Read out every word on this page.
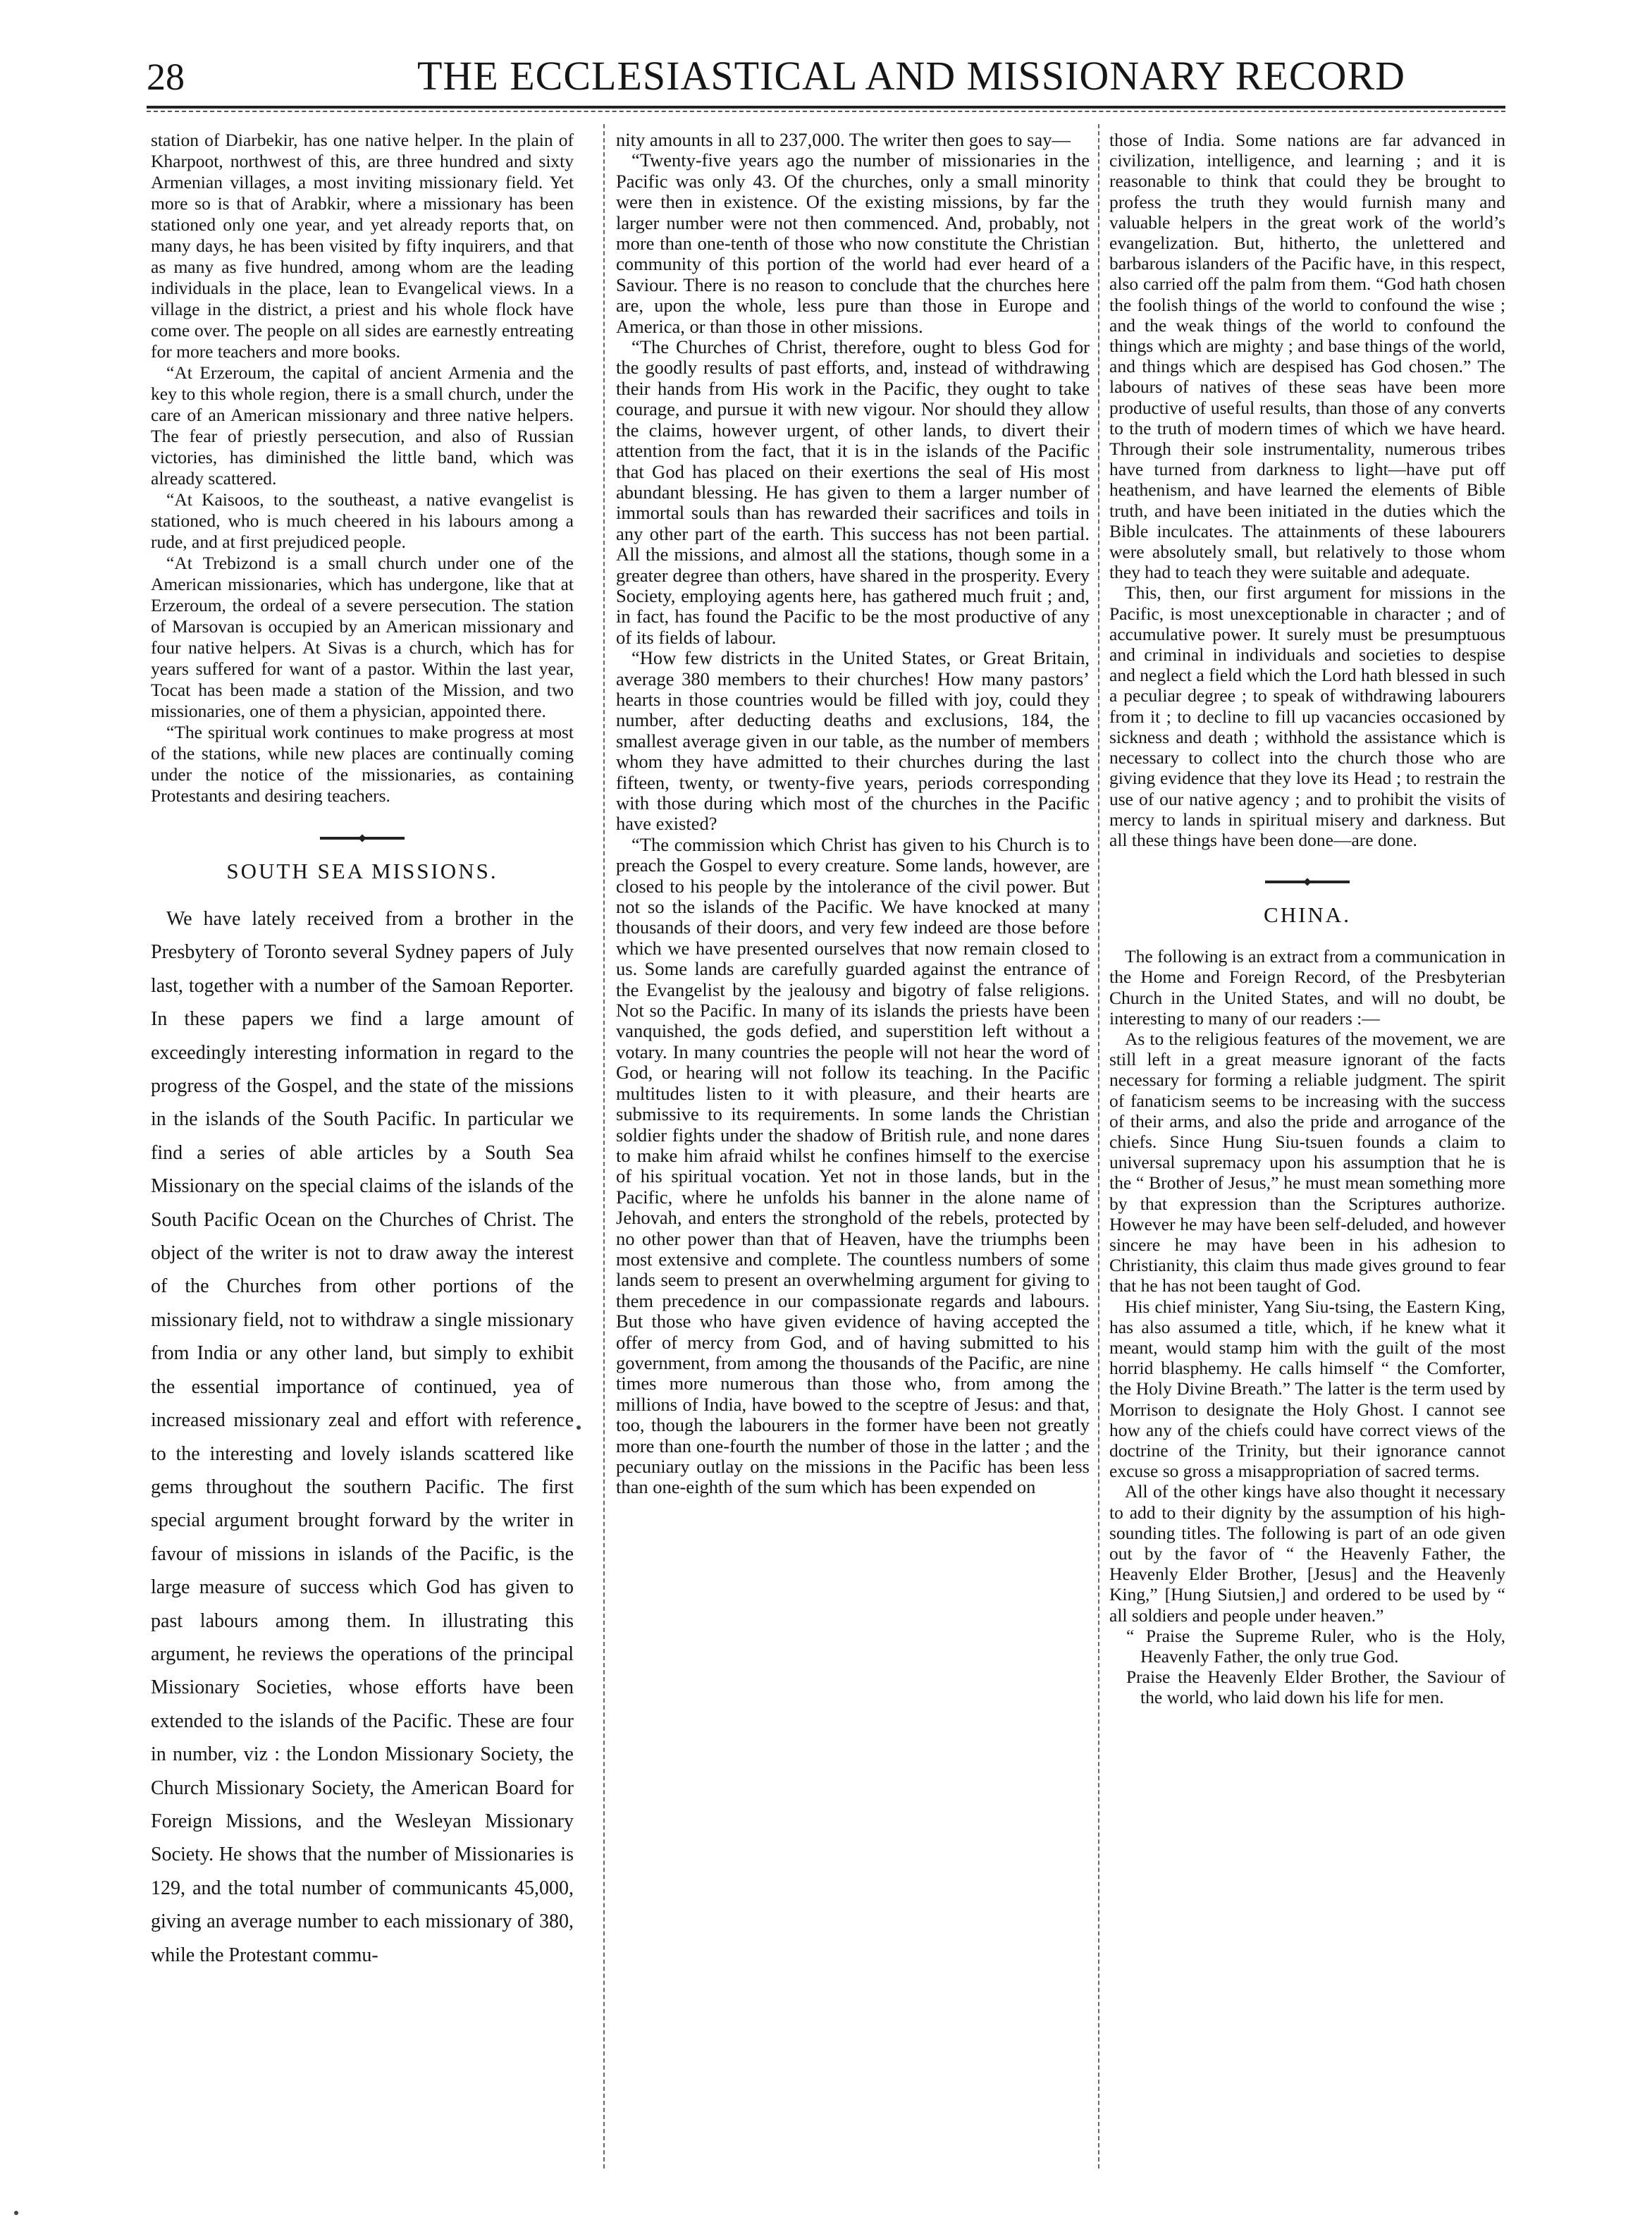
28	THE ECCLESIASTICAL AND MISSIONARY RECORD

station of Diarbekir, has one native helper. In the plain of Kharpoot, northwest of this, are three hundred and sixty Armenian villages, a most inviting missionary field. Yet more so is that of Arabkir, where a missionary has been stationed only one year, and yet already reports that, on many days, he has been visited by fifty inquirers, and that as many as five hundred, among whom are the leading individuals in the place, lean to Evangelical views. In a village in the district, a priest and his whole flock have come over. The people on all sides are earnestly entreating for more teachers and more books.

“At Erzeroum, the capital of ancient Armenia and the key to this whole region, there is a small church, under the care of an American missionary and three native helpers. The fear of priestly persecution, and also of Russian victories, has diminished the little band, which was already scattered.

“At Kaisoos, to the southeast, a native evangelist is stationed, who is much cheered in his labours among a rude, and at first prejudiced people.

“At Trebizond is a small church under one of the American missionaries, which has undergone, like that at Erzeroum, the ordeal of a severe persecution. The station of Marsovan is occupied by an American missionary and four native helpers. At Sivas is a church, which has for years suffered for want of a pastor. Within the last year, Tocat has been made a station of the Mission, and two missionaries, one of them a physician, appointed there.

“The spiritual work continues to make progress at most of the stations, while new places are continually coming under the notice of the missionaries, as containing Protestants and desiring teachers.

SOUTH SEA MISSIONS.

We have lately received from a brother in the Presbytery of Toronto several Sydney papers of July last, together with a number of the Samoan Reporter. In these papers we find a large amount of exceedingly interesting information in regard to the progress of the Gospel, and the state of the missions in the islands of the South Pacific. In particular we find a series of able articles by a South Sea Missionary on the special claims of the islands of the South Pacific Ocean on the Churches of Christ. The object of the writer is not to draw away the interest of the Churches from other portions of the missionary field, not to withdraw a single missionary from India or any other land, but simply to exhibit the essential importance of continued, yea of increased missionary zeal and effort with reference to the interesting and lovely islands scattered like gems throughout the southern Pacific. The first special argument brought forward by the writer in favour of missions in islands of the Pacific, is the large measure of success which God has given to past labours among them. In illustrating this argument, he reviews the operations of the principal Missionary Societies, whose efforts have been extended to the islands of the Pacific. These are four in number, viz : the London Missionary Society, the Church Missionary Society, the American Board for Foreign Missions, and the Wesleyan Missionary Society. He shows that the number of Missionaries is 129, and the total number of communicants 45,000, giving an average number to each missionary of 380, while the Protestant commu-

nity amounts in all to 237,000. The writer then goes to say—

“Twenty-five years ago the number of missionaries in the Pacific was only 43. Of the churches, only a small minority were then in existence. Of the existing missions, by far the larger number were not then commenced. And, probably, not more than one-tenth of those who now constitute the Christian community of this portion of the world had ever heard of a Saviour. There is no reason to conclude that the churches here are, upon the whole, less pure than those in Europe and America, or than those in other missions.

“The Churches of Christ, therefore, ought to bless God for the goodly results of past efforts, and, instead of withdrawing their hands from His work in the Pacific, they ought to take courage, and pursue it with new vigour. Nor should they allow the claims, however urgent, of other lands, to divert their attention from the fact, that it is in the islands of the Pacific that God has placed on their exertions the seal of His most abundant blessing. He has given to them a larger number of immortal souls than has rewarded their sacrifices and toils in any other part of the earth. This success has not been partial. All the missions, and almost all the stations, though some in a greater degree than others, have shared in the prosperity. Every Society, employing agents here, has gathered much fruit ; and, in fact, has found the Pacific to be the most productive of any of its fields of labour.

“How few districts in the United States, or Great Britain, average 380 members to their churches! How many pastors’ hearts in those countries would be filled with joy, could they number, after deducting deaths and exclusions, 184, the smallest average given in our table, as the number of members whom they have admitted to their churches during the last fifteen, twenty, or twenty-five years, periods corresponding with those during which most of the churches in the Pacific have existed?

“The commission which Christ has given to his Church is to preach the Gospel to every creature. Some lands, however, are closed to his people by the intolerance of the civil power. But not so the islands of the Pacific. We have knocked at many thousands of their doors, and very few indeed are those before which we have presented ourselves that now remain closed to us. Some lands are carefully guarded against the entrance of the Evangelist by the jealousy and bigotry of false religions. Not so the Pacific. In many of its islands the priests have been vanquished, the gods defied, and superstition left without a votary. In many countries the people will not hear the word of God, or hearing will not follow its teaching. In the Pacific multitudes listen to it with pleasure, and their hearts are submissive to its requirements. In some lands the Christian soldier fights under the shadow of British rule, and none dares to make him afraid whilst he confines himself to the exercise of his spiritual vocation. Yet not in those lands, but in the Pacific, where he unfolds his banner in the alone name of Jehovah, and enters the stronghold of the rebels, protected by no other power than that of Heaven, have the triumphs been most extensive and complete. The countless numbers of some lands seem to present an overwhelming argument for giving to them precedence in our compassionate regards and labours. But those who have given evidence of having accepted the offer of mercy from God, and of having submitted to his government, from among the thousands of the Pacific, are nine times more numerous than those who, from among the millions of India, have bowed to the sceptre of Jesus: and that, too, though the labourers in the former have been not greatly more than one-fourth the number of those in the latter ; and the pecuniary outlay on the missions in the Pacific has been less than one-eighth of the sum which has been expended on

those of India. Some nations are far advanced in civilization, intelligence, and learning ; and it is reasonable to think that could they be brought to profess the truth they would furnish many and valuable helpers in the great work of the world’s evangelization. But, hitherto, the unlettered and barbarous islanders of the Pacific have, in this respect, also carried off the palm from them. “God hath chosen the foolish things of the world to confound the wise ; and the weak things of the world to confound the things which are mighty ; and base things of the world, and things which are despised has God chosen.” The labours of natives of these seas have been more productive of useful results, than those of any converts to the truth of modern times of which we have heard. Through their sole instrumentality, numerous tribes have turned from darkness to light—have put off heathenism, and have learned the elements of Bible truth, and have been initiated in the duties which the Bible inculcates. The attainments of these labourers were absolutely small, but relatively to those whom they had to teach they were suitable and adequate.

This, then, our first argument for missions in the Pacific, is most unexceptionable in character ; and of accumulative power. It surely must be presumptuous and criminal in individuals and societies to despise and neglect a field which the Lord hath blessed in such a peculiar degree ; to speak of withdrawing labourers from it ; to decline to fill up vacancies occasioned by sickness and death ; withhold the assistance which is necessary to collect into the church those who are giving evidence that they love its Head ; to restrain the use of our native agency ; and to prohibit the visits of mercy to lands in spiritual misery and darkness. But all these things have been done—are done.

CHINA.

The following is an extract from a communication in the Home and Foreign Record, of the Presbyterian Church in the United States, and will no doubt, be interesting to many of our readers :—

As to the religious features of the movement, we are still left in a great measure ignorant of the facts necessary for forming a reliable judgment. The spirit of fanaticism seems to be increasing with the success of their arms, and also the pride and arrogance of the chiefs. Since Hung Siu-tsuen founds a claim to universal supremacy upon his assumption that he is the “ Brother of Jesus,” he must mean something more by that expression than the Scriptures authorize. However he may have been self-deluded, and however sincere he may have been in his adhesion to Christianity, this claim thus made gives ground to fear that he has not been taught of God.

His chief minister, Yang Siu-tsing, the Eastern King, has also assumed a title, which, if he knew what it meant, would stamp him with the guilt of the most horrid blasphemy. He calls himself “ the Comforter, the Holy Divine Breath.” The latter is the term used by Morrison to designate the Holy Ghost. I cannot see how any of the chiefs could have correct views of the doctrine of the Trinity, but their ignorance cannot excuse so gross a misappropriation of sacred terms.

All of the other kings have also thought it necessary to add to their dignity by the assumption of his high-sounding titles. The following is part of an ode given out by the favor of “ the Heavenly Father, the Heavenly Elder Brother, [Jesus] and the Heavenly King,” [Hung Siutsien,] and ordered to be used by “ all soldiers and people under heaven.”

“ Praise the Supreme Ruler, who is the Holy, Heavenly Father, the only true God.

Praise the Heavenly Elder Brother, the Saviour of the world, who laid down his life for men.
